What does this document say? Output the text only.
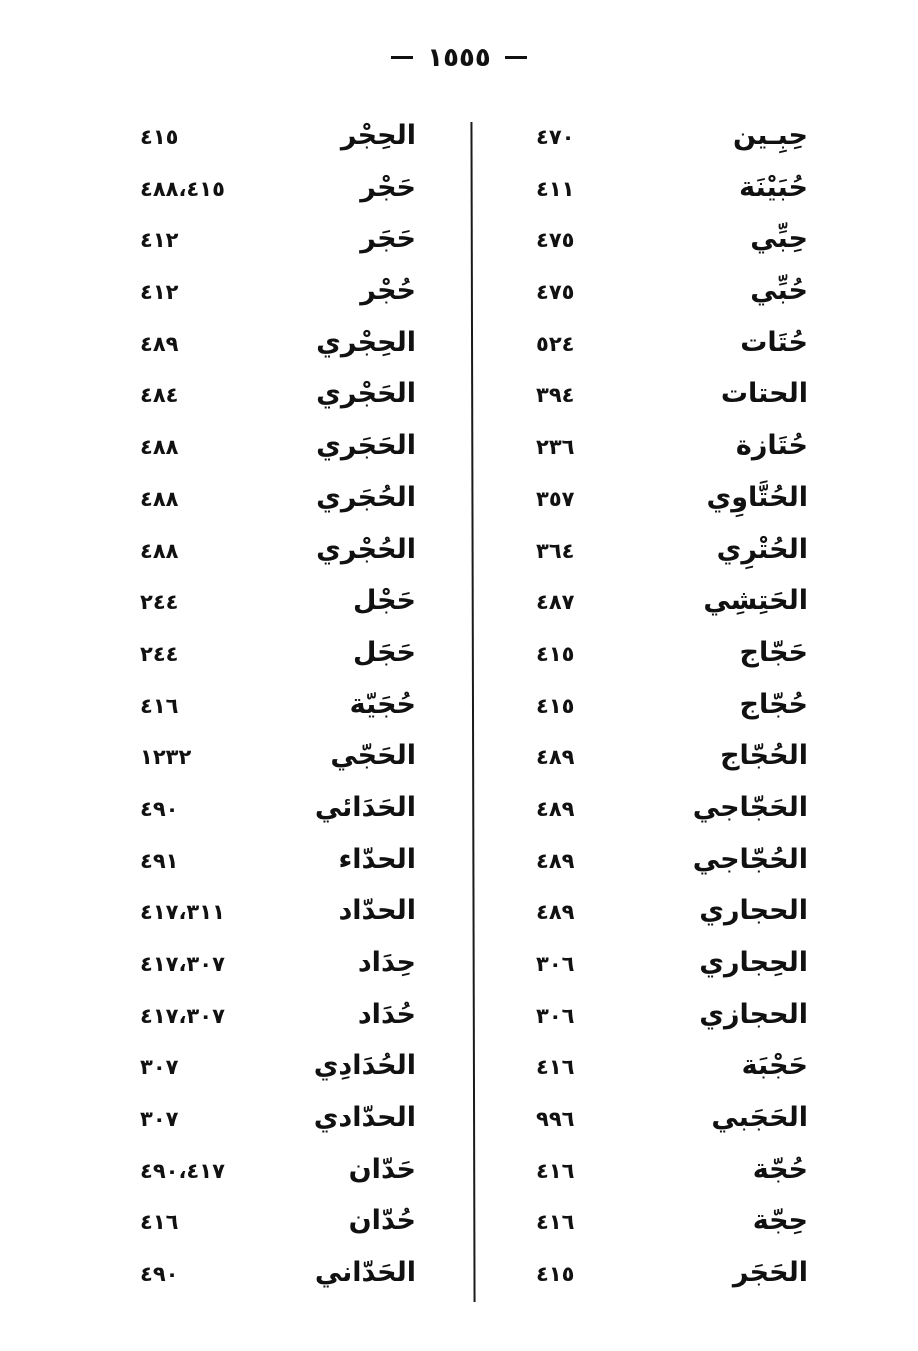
١٥٥٥
حِبِـين
٤٧٠
حُبَيْنَة
٤١١
حِبِّي
٤٧٥
حُبِّي
٤٧٥
حُتَات
٥٢٤
الحتات
٣٩٤
حُتَازة
٢٣٦
الحُتَّاوِي
٣٥٧
الحُتْرِي
٣٦٤
الحَتِشِي
٤٨٧
حَجّاج
٤١٥
حُجّاج
٤١٥
الحُجّاج
٤٨٩
الحَجّاجي
٤٨٩
الحُجّاجي
٤٨٩
الحجاري
٤٨٩
الحِجاري
٣٠٦
الحجازي
٣٠٦
حَجْبَة
٤١٦
الحَجَبي
٩٩٦
حُجّة
٤١٦
حِجّة
٤١٦
الحَجَر
٤١٥
الحِجْر
٤١٥
حَجْر
٤٨٨،٤١٥
حَجَر
٤١٢
حُجْر
٤١٢
الحِجْري
٤٨٩
الحَجْري
٤٨٤
الحَجَري
٤٨٨
الحُجَري
٤٨٨
الحُجْري
٤٨٨
حَجْل
٢٤٤
حَجَل
٢٤٤
حُجَيّة
٤١٦
الحَجّي
١٢٣٢
الحَدَائي
٤٩٠
الحدّاء
٤٩١
الحدّاد
٤١٧،٣١١
حِدَاد
٤١٧،٣٠٧
حُدَاد
٤١٧،٣٠٧
الحُدَادِي
٣٠٧
الحدّادي
٣٠٧
حَدّان
٤٩٠،٤١٧
حُدّان
٤١٦
الحَدّاني
٤٩٠
